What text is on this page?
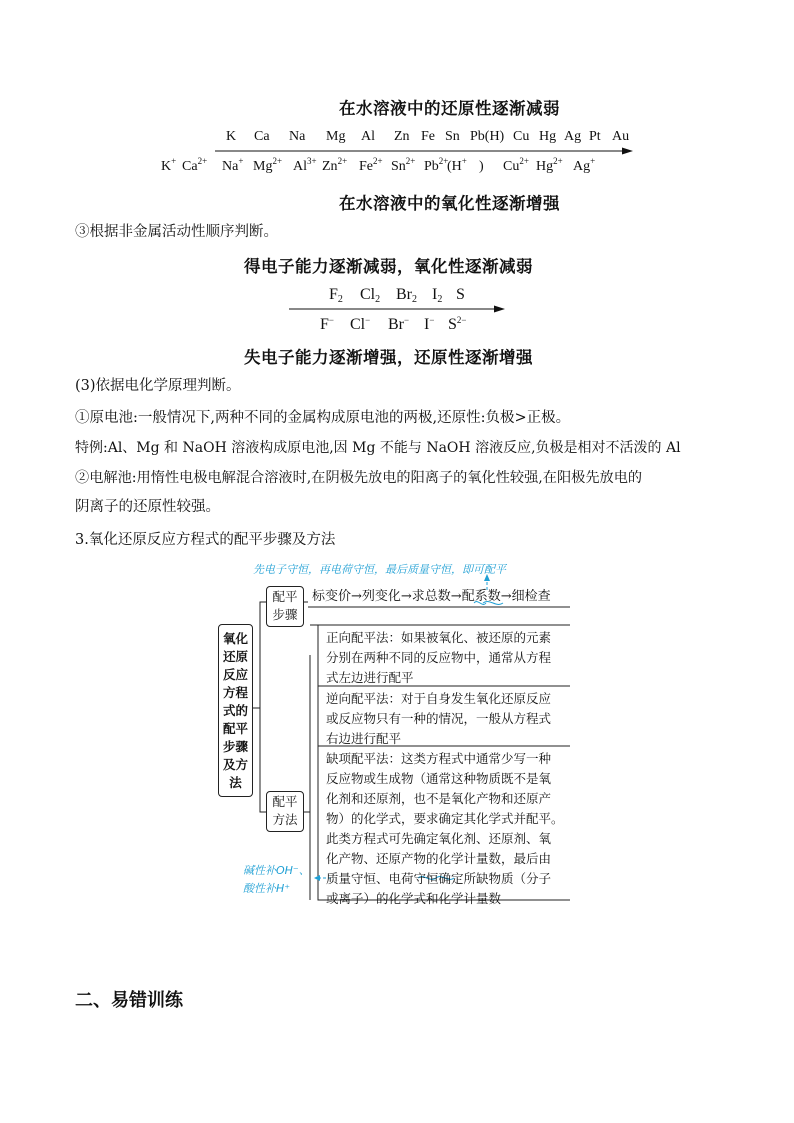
在水溶液中的还原性逐渐减弱
K Ca Na Mg Al Zn Fe Sn Pb(H) Cu Hg Ag Pt Au
K+ $Ca^{2+}$ Na+ $Mg^{2+}$ $Al^{3+}$ $Zn^{2+}$ $Fe^{2+}$ $Sn^{2+}$ $Pb^{2+}$
(H+ ) $Cu^{2+}$ $Hg^{2+}$ Ag+
在水溶液中的氧化性逐渐增强
③根据非金属活动性顺序判断。
得电子能力逐渐减弱，氧化性逐渐减弱
$F_2$ $Cl_2$ $Br_2$ $I_2$ S
F− Cl− Br− I− $S^{2-}$
失电子能力逐渐增强，还原性逐渐增强
(3)依据电化学原理判断。
①原电池:一般情况下,两种不同的金属构成原电池的两极,还原性:负极>正极。
特例:Al、Mg 和 NaOH 溶液构成原电池,因 Mg 不能与 NaOH 溶液反应,负极是相对不活泼的 Al
②电解池:用惰性电极电解混合溶液时,在阴极先放电的阳离子的氧化性较强,在阳极先放电的
阴离子的还原性较强。
3.氧化还原反应方程式的配平步骤及方法
氧化
还原
反应
方程
式的
配平
步骤
及方
法
配平
步骤
标变价→列变化→求总数→配系数→细检查
配平
方法
正向配平法：如果被氧化、被还原的元素
分别在两种不同的反应物中，通常从方程
式左边进行配平
逆向配平法：对于自身发生氧化还原反应
或反应物只有一种的情况，一般从方程式
右边进行配平
缺项配平法：这类方程式中通常少写一种
反应物或生成物（通常这种物质既不是氧
化剂和还原剂，也不是氧化产物和还原产
物）的化学式，要求确定其化学式并配平。
此类方程式可先确定氧化剂、还原剂、氧
化产物、还原产物的化学计量数，最后由
质量守恒、电荷守恒确定所缺物质（分子
或离子）的化学式和化学计量数
先电子守恒，再电荷守恒，最后质量守恒，即可配平
碱性补OH⁻、
酸性补H⁺
二、易错训练
